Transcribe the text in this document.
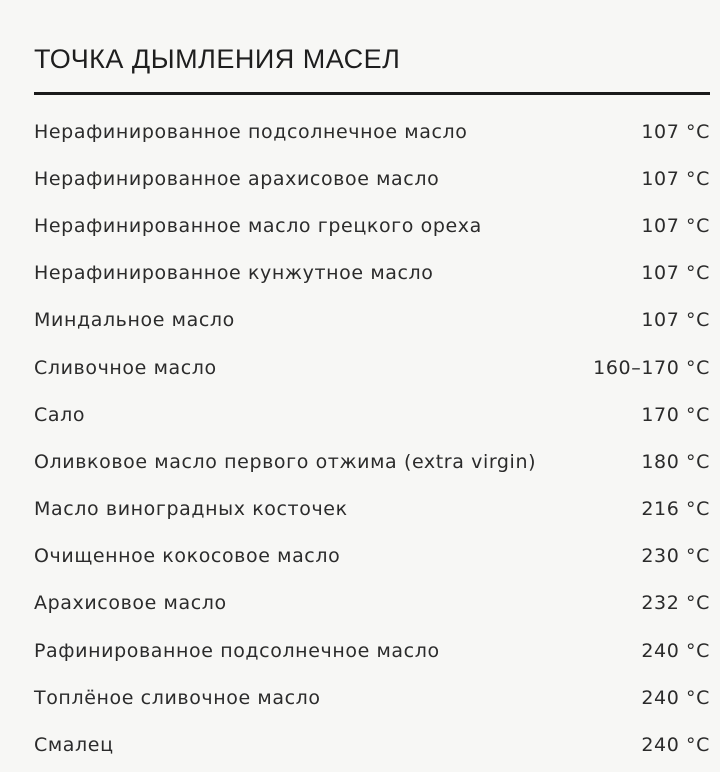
ТОЧКА ДЫМЛЕНИЯ МАСЕЛ
Нерафинированное подсолнечное масло	107 °C
Нерафинированное арахисовое масло	107 °C
Нерафинированное масло грецкого ореха	107 °C
Нерафинированное кунжутное масло	107 °C
Миндальное масло	107 °C
Сливочное масло	160–170 °C
Сало	170 °C
Оливковое масло первого отжима (extra virgin)	180 °C
Масло виноградных косточек	216 °C
Очищенное кокосовое масло	230 °C
Арахисовое масло	232 °C
Рафинированное подсолнечное масло	240 °C
Топлёное сливочное масло	240 °C
Смалец	240 °C
